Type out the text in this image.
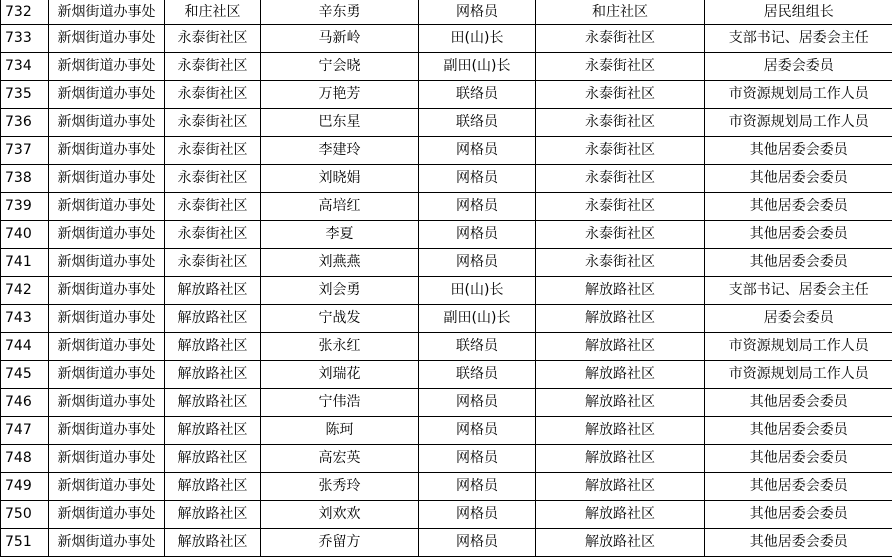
732	新烟街道办事处	和庄社区	辛东勇	网格员	和庄社区	居民组组长
733	新烟街道办事处	永泰街社区	马新岭	田(山)长	永泰街社区	支部书记、居委会主任
734	新烟街道办事处	永泰街社区	宁会晓	副田(山)长	永泰街社区	居委会委员
735	新烟街道办事处	永泰街社区	万艳芳	联络员	永泰街社区	市资源规划局工作人员
736	新烟街道办事处	永泰街社区	巴东星	联络员	永泰街社区	市资源规划局工作人员
737	新烟街道办事处	永泰街社区	李建玲	网格员	永泰街社区	其他居委会委员
738	新烟街道办事处	永泰街社区	刘晓娟	网格员	永泰街社区	其他居委会委员
739	新烟街道办事处	永泰街社区	高培红	网格员	永泰街社区	其他居委会委员
740	新烟街道办事处	永泰街社区	李夏	网格员	永泰街社区	其他居委会委员
741	新烟街道办事处	永泰街社区	刘燕燕	网格员	永泰街社区	其他居委会委员
742	新烟街道办事处	解放路社区	刘会勇	田(山)长	解放路社区	支部书记、居委会主任
743	新烟街道办事处	解放路社区	宁战发	副田(山)长	解放路社区	居委会委员
744	新烟街道办事处	解放路社区	张永红	联络员	解放路社区	市资源规划局工作人员
745	新烟街道办事处	解放路社区	刘瑞花	联络员	解放路社区	市资源规划局工作人员
746	新烟街道办事处	解放路社区	宁伟浩	网格员	解放路社区	其他居委会委员
747	新烟街道办事处	解放路社区	陈珂	网格员	解放路社区	其他居委会委员
748	新烟街道办事处	解放路社区	高宏英	网格员	解放路社区	其他居委会委员
749	新烟街道办事处	解放路社区	张秀玲	网格员	解放路社区	其他居委会委员
750	新烟街道办事处	解放路社区	刘欢欢	网格员	解放路社区	其他居委会委员
751	新烟街道办事处	解放路社区	乔留方	网格员	解放路社区	其他居委会委员
